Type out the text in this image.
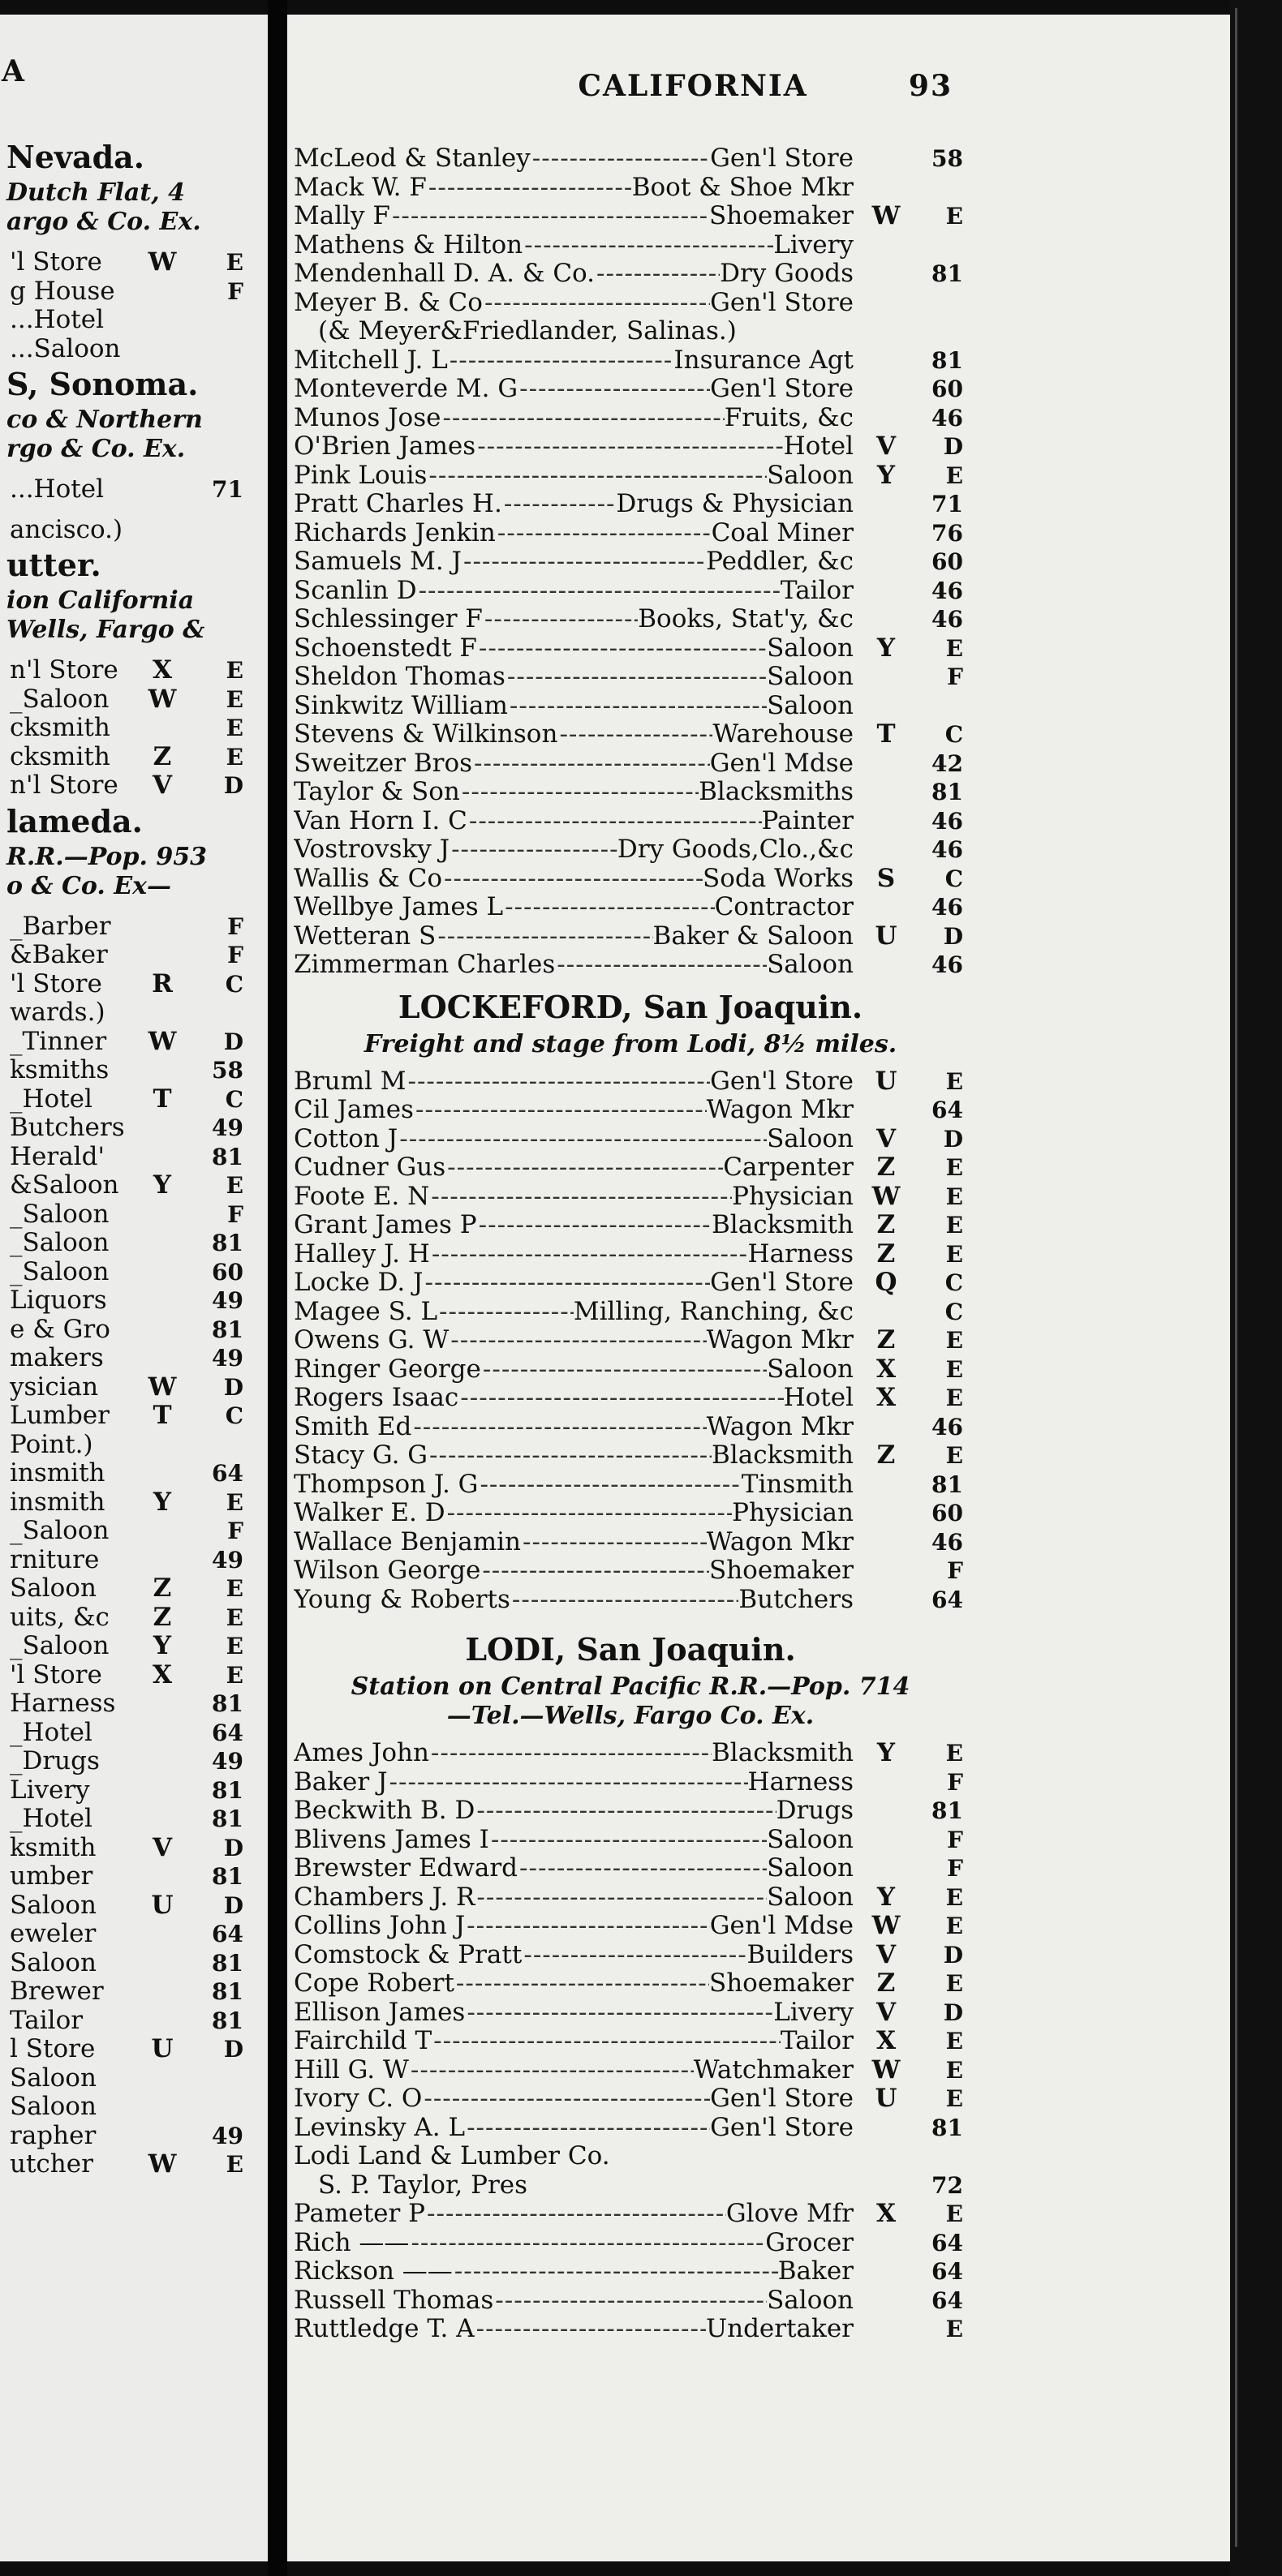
A
Nevada.
Dutch Flat, 4
argo & Co. Ex.
'l Store W	E
g House	F
...Hotel
...Saloon
S, Sonoma.
co & Northern
rgo & Co. Ex.
...Hotel	71
ancisco.)
utter.
ion California
Wells, Fargo &
n'l Store X	E
_Saloon W	E
cksmith	E
cksmith Z	E
n'l Store V	D
lameda.
R.R.—Pop. 953
o & Co. Ex—
_Barber	F
&Baker	F
'l Store R	C
wards.)
_Tinner W	D
ksmiths	58
_Hotel T	C
Butchers	49
Herald'	81
&Saloon Y	E
_Saloon	F
_Saloon	81
_Saloon	60
Liquors	49
e & Gro	81
makers	49
ysician W	D
Lumber T	C
Point.)
insmith	64
insmith Y	E
_Saloon	F
rniture	49
Saloon Z	E
uits, &c Z	E
_Saloon Y	E
'l Store X	E
Harness	81
_Hotel	64
_Drugs	49
Livery	81
_Hotel	81
ksmith V	D
umber	81
Saloon U	D
eweler	64
Saloon	81
Brewer	81
Tailor	81
l Store U	D
Saloon
Saloon
rapher	49
utcher W	E
CALIFORNIA	93
McLeod & Stanley -----	Gen'l Store	58
Mack W. F -----	Boot & Shoe Mkr
Mally F -----	Shoemaker W	E
Mathens & Hilton -----	Livery
Mendenhall D. A. & Co. -----	Dry Goods	81
Meyer B. & Co -----	Gen'l Store
(& Meyer&Friedlander, Salinas.)
Mitchell J. L -----	Insurance Agt	81
Monteverde M. G -----	Gen'l Store	60
Munos Jose -----	Fruits, &c	46
O'Brien James -----	Hotel V	D
Pink Louis -----	Saloon Y	E
Pratt Charles H. -----	Drugs & Physician	71
Richards Jenkin -----	Coal Miner	76
Samuels M. J -----	Peddler, &c	60
Scanlin D -----	Tailor	46
Schlessinger F -----	Books, Stat'y, &c	46
Schoenstedt F -----	Saloon Y	E
Sheldon Thomas -----	Saloon	F
Sinkwitz William -----	Saloon
Stevens & Wilkinson -----	Warehouse T	C
Sweitzer Bros -----	Gen'l Mdse	42
Taylor & Son -----	Blacksmiths	81
Van Horn I. C -----	Painter	46
Vostrovsky J -----	Dry Goods,Clo.,&c	46
Wallis & Co -----	Soda Works S	C
Wellbye James L -----	Contractor	46
Wetteran S -----	Baker & Saloon U	D
Zimmerman Charles -----	Saloon	46
LOCKEFORD, San Joaquin.
Freight and stage from Lodi, 8½ miles.
Bruml M -----	Gen'l Store U	E
Cil James -----	Wagon Mkr	64
Cotton J -----	Saloon V	D
Cudner Gus -----	Carpenter Z	E
Foote E. N -----	Physician W	E
Grant James P -----	Blacksmith Z	E
Halley J. H -----	Harness Z	E
Locke D. J -----	Gen'l Store Q	C
Magee S. L -----	Milling, Ranching, &c	C
Owens G. W -----	Wagon Mkr Z	E
Ringer George -----	Saloon X	E
Rogers Isaac -----	Hotel X	E
Smith Ed -----	Wagon Mkr	46
Stacy G. G -----	Blacksmith Z	E
Thompson J. G -----	Tinsmith	81
Walker E. D -----	Physician	60
Wallace Benjamin -----	Wagon Mkr	46
Wilson George -----	Shoemaker	F
Young & Roberts -----	Butchers	64
LODI, San Joaquin.
Station on Central Pacific R.R.—Pop. 714
—Tel.—Wells, Fargo Co. Ex.
Ames John -----	Blacksmith Y	E
Baker J -----	Harness	F
Beckwith B. D -----	Drugs	81
Blivens James I -----	Saloon	F
Brewster Edward -----	Saloon	F
Chambers J. R -----	Saloon Y	E
Collins John J -----	Gen'l Mdse W	E
Comstock & Pratt -----	Builders V	D
Cope Robert -----	Shoemaker Z	E
Ellison James -----	Livery V	D
Fairchild T -----	Tailor X	E
Hill G. W -----	Watchmaker W	E
Ivory C. O -----	Gen'l Store U	E
Levinsky A. L -----	Gen'l Store	81
Lodi Land & Lumber Co.
S. P. Taylor, Pres	72
Pameter P -----	Glove Mfr X	E
Rich —— -----	Grocer	64
Rickson —— -----	Baker	64
Russell Thomas -----	Saloon	64
Ruttledge T. A -----	Undertaker	E
